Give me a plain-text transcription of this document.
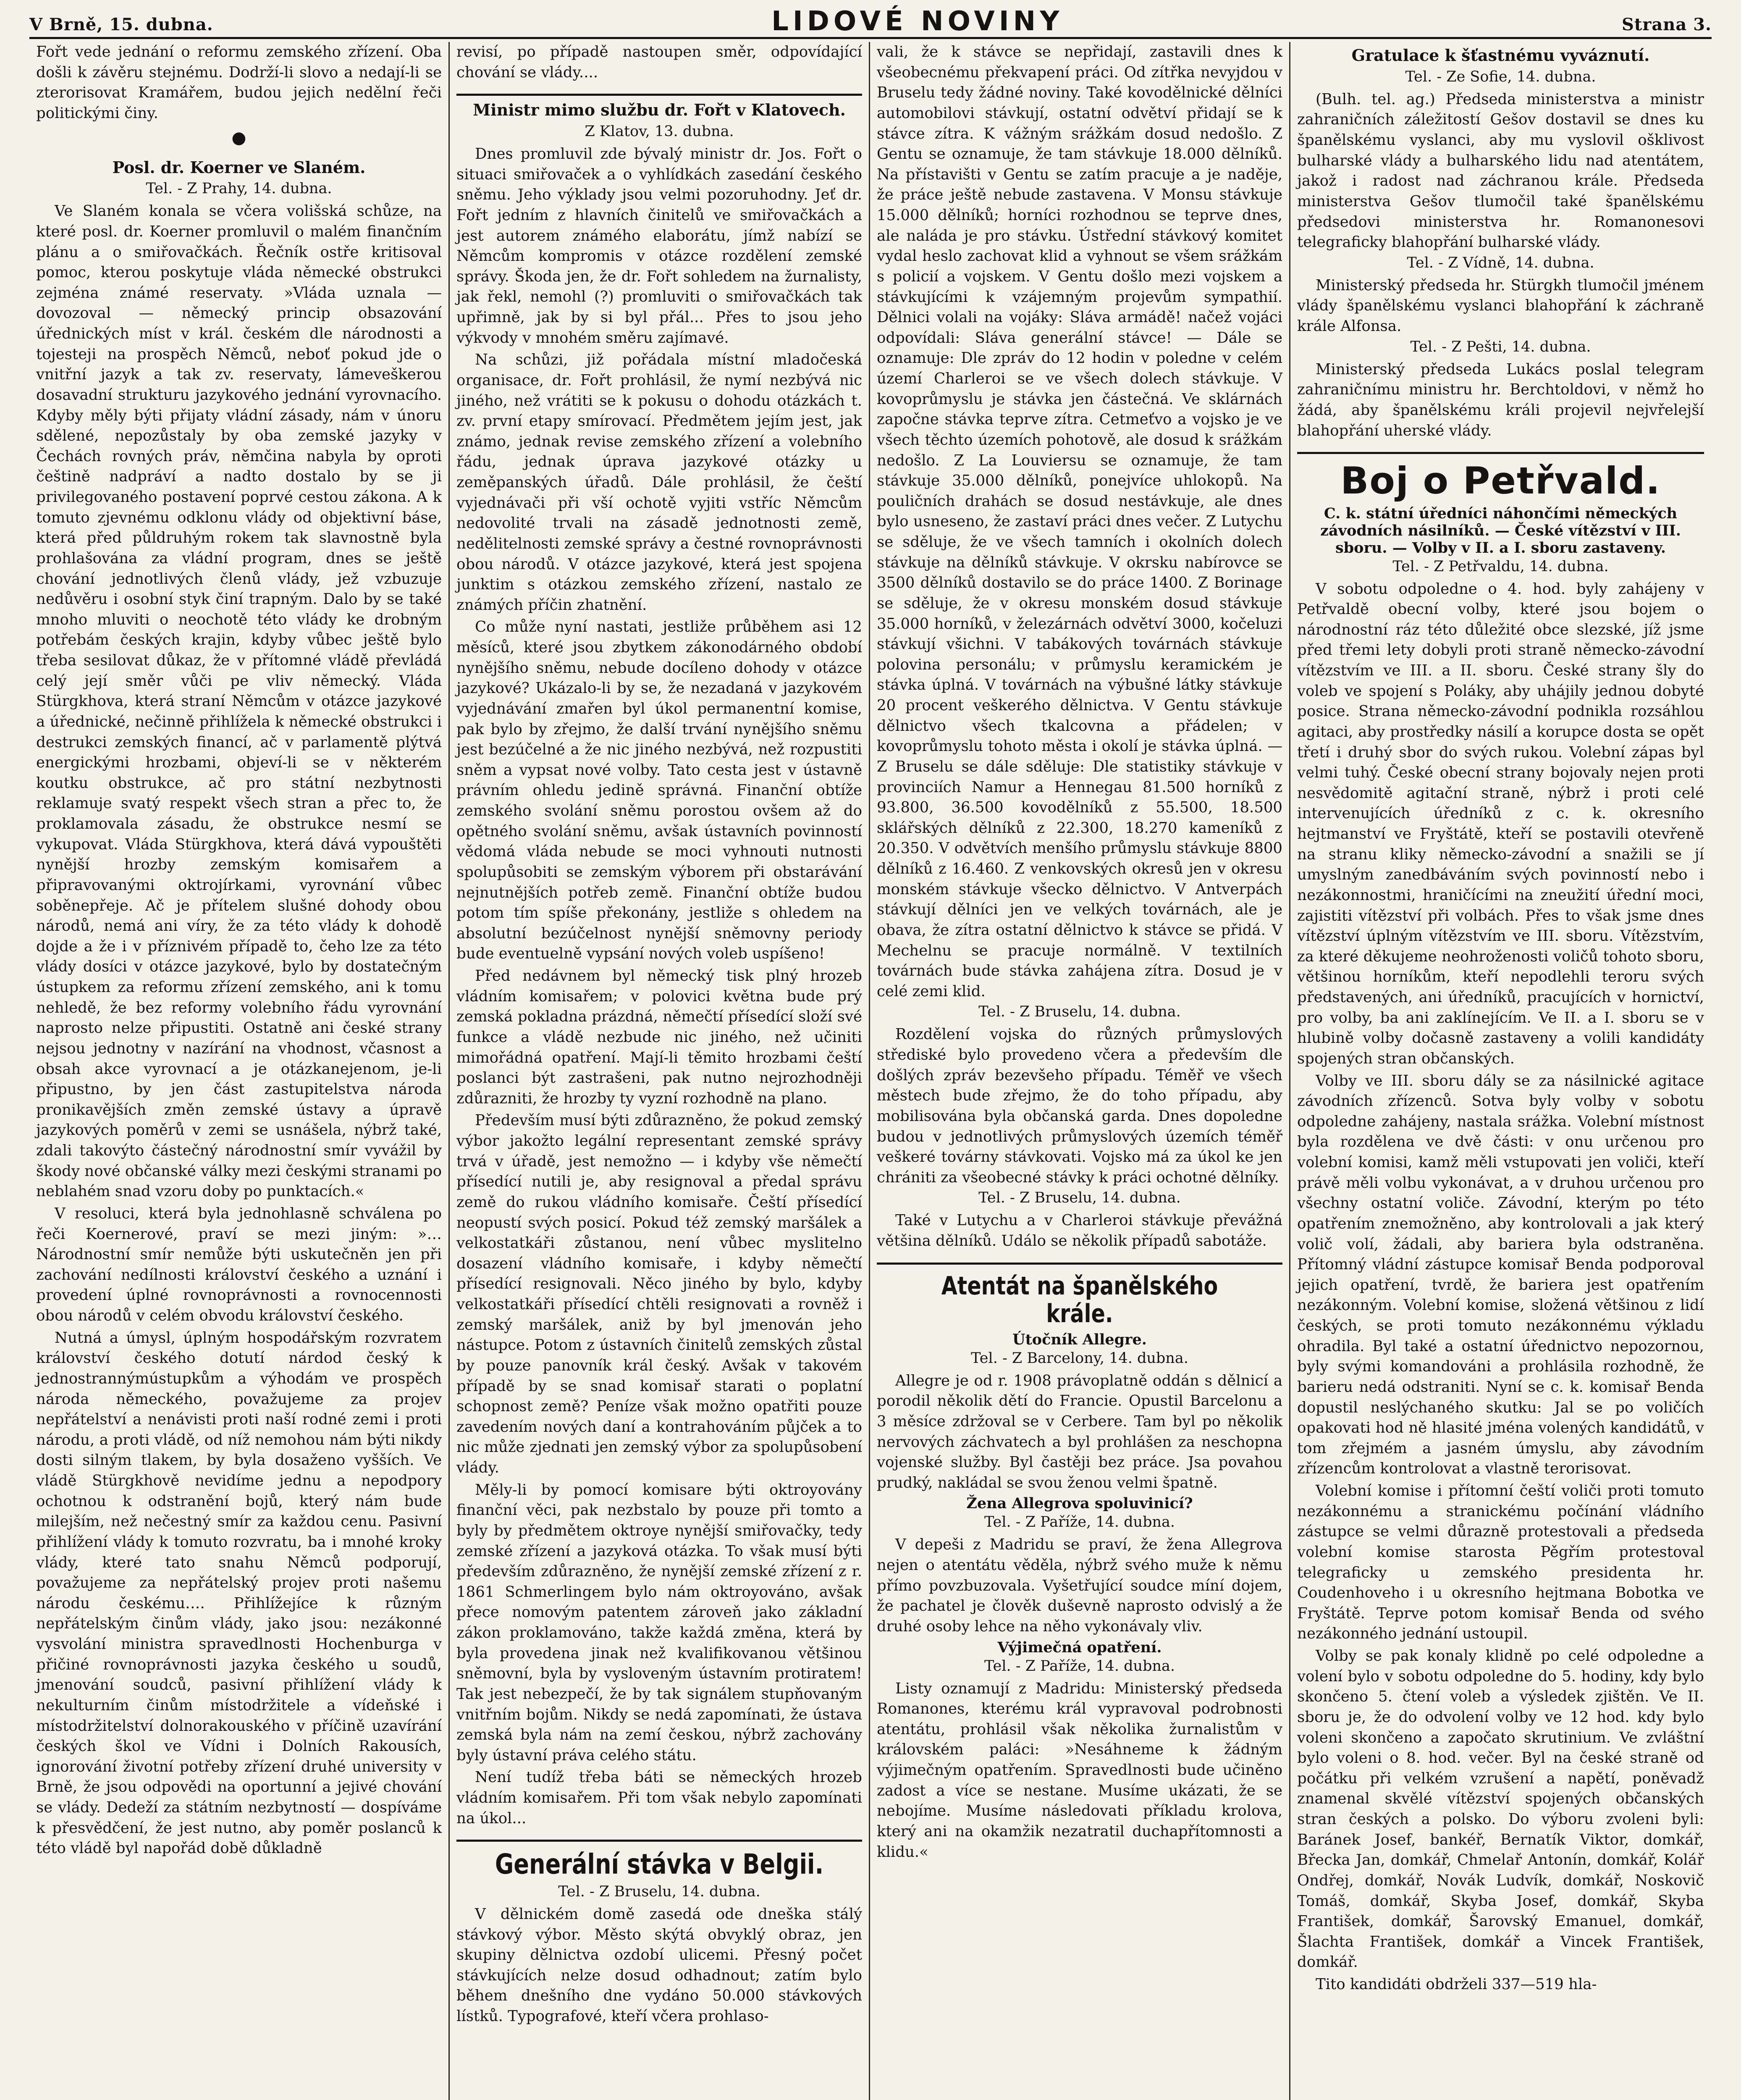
V Brně, 15. dubna.	LIDOVÉ NOVINY	Strana 3.

Fořt vede jednání o reformu zemského zřízení. Oba došli k závěru stejnému. Dodrží-li slovo a nedají-li se zterorisovat Kramářem, budou jejich nedělní řeči politickými činy.

●
Posl. dr. Koerner ve Slaném.
Tel. - Z Prahy, 14. dubna.

Ve Slaném konala se včera volišská schůze, na které posl. dr. Koerner promluvil o malém finančním plánu a o smiřovačkách. Řečník ostře kritisoval pomoc, kterou poskytuje vláda německé obstrukci zejména známé reservaty. »Vláda uznala — dovozoval — německý princip obsazování úřednických míst v král. českém dle národnosti a tojesteji na prospěch Němců, neboť pokud jde o vnitřní jazyk a tak zv. reservaty, lámeveškerou dosavadní strukturu jazykového jednání vyrovnacího. Kdyby měly býti přijaty vládní zásady, nám v únoru sdělené, nepozůstaly by oba zemské jazyky v Čechách rovných práv, němčina nabyla by oproti češtině nadpráví a nadto dostalo by se ji privilegovaného postavení poprvé cestou zákona. A k tomuto zjevnému odklonu vlády od objektivní báse, která před půldruhým rokem tak slavnostně byla prohlašována za vládní program, dnes se ještě chování jednotlivých členů vlády, jež vzbuzuje nedůvěru i osobní styk činí trapným. Dalo by se také mnoho mluviti o neochotě této vlády ke drobným potřebám českých krajin, kdyby vůbec ještě bylo třeba sesilovat důkaz, že v přítomné vládě převládá celý její směr vůči pe vliv německý. Vláda Stürgkhova, která straní Němcům v otázce jazykové a úřednické, nečinně přihlížela k německé obstrukci i destrukci zemských financí, ač v parlamentě plýtvá energickými hrozbami, objeví-li se v některém koutku obstrukce, ač pro státní nezbytnosti reklamuje svatý respekt všech stran a přec to, že proklamovala zásadu, že obstrukce nesmí se vykupovat. Vláda Stürgkhova, která dává vypouštěti nynější hrozby zemským komisařem a připravovanými oktrojírkami, vyrovnání vůbec soběnepřeje. Ač je přítelem slušné dohody obou národů, nemá ani víry, že za této vlády k dohodě dojde a že i v příznivém případě to, čeho lze za této vlády dosíci v otázce jazykové, bylo by dostatečným ústupkem za reformu zřízení zemského, ani k tomu nehledě, že bez reformy volebního řádu vyrovnání naprosto nelze připustiti. Ostatně ani české strany nejsou jednotny v nazírání na vhodnost, včasnost a obsah akce vyrovnací a je otázkanejenom, je-li připustno, by jen část zastupitelstva národa pronikavějších změn zemské ústavy a úpravě jazykových poměrů v zemi se usnášela, nýbrž také, zdali takovýto částečný národnostní smír vyvážil by škody nové občanské války mezi českými stranami po neblahém snad vzoru doby po punktacích.«

V resoluci, která byla jednohlasně schválena po řeči Koernerové, praví se mezi jiným: »… Národnostní smír nemůže býti uskutečněn jen při zachování nedílnosti království českého a uznání i provedení úplné rovnoprávnosti a rovnocennosti obou národů v celém obvodu království českého.

Nutná a úmysl, úplným hospodářským rozvratem království českého dotutí nárdod český k jednostrannýmústupkům a výhodám ve prospěch národa německého, považujeme za projev nepřátelství a nenávisti proti naší rodné zemi i proti národu, a proti vládě, od níž nemohou nám býti nikdy dosti silným tlakem, by byla dosaženo vyšších. Ve vládě Stürgkhově nevidíme jednu a nepodpory ochotnou k odstranění bojů, který nám bude milejším, než nečestný smír za každou cenu. Pasivní přihlížení vlády k tomuto rozvratu, ba i mnohé kroky vlády, které tato snahu Němců podporují, považujeme za nepřátelský projev proti našemu národu českému…. Přihlížejíce k různým nepřátelským činům vlády, jako jsou: nezákonné vysvolání ministra spravedlnosti Hochenburga v přičiné rovnoprávnosti jazyka českého u soudů, jmenování soudců, pasivní přihlížení vlády k nekulturním činům místodržitele a vídeňské i místodržitelství dolnorakouského v příčině uzavírání českých škol ve Vídni i Dolních Rakousích, ignorování životní potřeby zřízení druhé university v Brně, že jsou odpovědi na oportunní a jejivé chování se vlády. Dedeží za státním nezbytností — dospíváme k přesvědčení, že jest nutno, aby poměr poslanců k této vládě byl napořád době důkladně

revisí, po případě nastoupen směr, odpovídající chování se vlády....

Ministr mimo službu dr. Fořt v Klatovech.
Z Klatov, 13. dubna.

Dnes promluvil zde bývalý ministr dr. Jos. Fořt o situaci smiřovaček a o vyhlídkách zasedání českého sněmu. Jeho výklady jsou velmi pozoruhodny. Jeť dr. Fořt jedním z hlavních činitelů ve smiřovačkách a jest autorem známého elaborátu, jímž nabízí se Němcům kompromis v otázce rozdělení zemské správy. Škoda jen, že dr. Fořt sohledem na žurnalisty, jak řekl, nemohl (?) promluviti o smiřovačkách tak upřimně, jak by si byl přál... Přes to jsou jeho výkvody v mnohém směru zajímavé.

Na schůzi, již pořádala místní mladočeská organisace, dr. Fořt prohlásil, že nymí nezbývá nic jiného, než vrátiti se k pokusu o dohodu otázkách t. zv. první etapy smírovací. Předmětem jejím jest, jak známo, jednak revise zemského zřízení a volebního řádu, jednak úprava jazykové otázky u zeměpanských úřadů. Dále prohlásil, že čeští vyjednávači při vší ochotě vyjiti vstříc Němcům nedovolité trvali na zásadě jednotnosti země, nedělitelnosti zemské správy a čestné rovnoprávnosti obou národů. V otázce jazykové, která jest spojena junktim s otázkou zemského zřízení, nastalo ze známých příčin zhatnění.

Co může nyní nastati, jestliže průběhem asi 12 měsíců, které jsou zbytkem zákonodárného období nynějšího sněmu, nebude docíleno dohody v otázce jazykové? Ukázalo-li by se, že nezadaná v jazykovém vyjednávání zmařen byl úkol permanentní komise, pak bylo by zřejmo, že další trvání nynějšího sněmu jest bezúčelné a že nic jiného nezbývá, než rozpustiti sněm a vypsat nové volby. Tato cesta jest v ústavně právním ohledu jedině správná. Finanční obtíže zemského svolání sněmu porostou ovšem až do opětného svolání sněmu, avšak ústavních povinností vědomá vláda nebude se moci vyhnouti nutnosti spolupůsobiti se zemským výborem při obstarávání nejnutnějších potřeb země. Finanční obtíže budou potom tím spíše překonány, jestliže s ohledem na absolutní bezúčelnost nynější sněmovny periody bude eventuelně vypsání nových voleb uspíšeno!

Před nedávnem byl německý tisk plný hrozeb vládním komisařem; v polovici května bude prý zemská pokladna prázdná, němečtí přísedící složí své funkce a vládě nezbude nic jiného, než učiniti mimořádná opatření. Mají-li těmito hrozbami čeští poslanci být zastrašeni, pak nutno nejrozhodněji zdůrazniti, že hrozby ty vyzní rozhodně na plano.

Především musí býti zdůrazněno, že pokud zemský výbor jakožto legální representant zemské správy trvá v úřadě, jest nemožno — i kdyby vše němečtí přísedící nutili je, aby resignoval a předal správu země do rukou vládního komisaře. Čeští přísedící neopustí svých posicí. Pokud též zemský maršálek a velkostatkáři zůstanou, není vůbec myslitelno dosazení vládního komisaře, i kdyby němečtí přísedící resignovali. Něco jiného by bylo, kdyby velkostatkáři přísedící chtěli resignovati a rovněž i zemský maršálek, aniž by byl jmenován jeho nástupce. Potom z ústavních činitelů zemských zůstal by pouze panovník král český. Avšak v takovém případě by se snad komisař starati o poplatní schopnost země? Peníze však možno opatřiti pouze zavedením nových daní a kontrahováním půjček a to nic může zjednati jen zemský výbor za spolupůsobení vlády.

Měly-li by pomocí komisare býti oktroyovány finanční věci, pak nezbstalo by pouze při tomto a byly by předmětem oktroye nynější smiřovačky, tedy zemské zřízení a jazyková otázka. To však musí býti především zdůrazněno, že nynější zemské zřízení z r. 1861 Schmerlingem bylo nám oktroyováno, avšak přece nomovým patentem zároveň jako základní zákon proklamováno, takže každá změna, která by byla provedena jinak než kvalifikovanou většinou sněmovní, byla by vysloveným ústavním protiratem! Tak jest nebezpečí, že by tak signálem stupňovaným vnitřním bojům. Nikdy se nedá zapomínati, že ústava zemská byla nám na zemí českou, nýbrž zachovány byly ústavní práva celého státu.

Není tudíž třeba báti se německých hrozeb vládním komisařem. Při tom však nebylo zapomínati na úkol...

Generální stávka v Belgii.
Tel. - Z Bruselu, 14. dubna.

V dělnickém domě zasedá ode dneška stálý stávkový výbor. Město skýtá obvyklý obraz, jen skupiny dělnictva ozdobí ulicemi. Přesný počet stávkujících nelze dosud odhadnout; zatím bylo během dnešního dne vydáno 50.000 stávkových lístků. Typografové, kteří včera prohlaso-

vali, že k stávce se nepřidají, zastavili dnes k všeobecnému překvapení práci. Od zítřka nevyjdou v Bruselu tedy žádné noviny. Také kovodělnické dělníci automobilovi stávkují, ostatní odvětví přidají se k stávce zítra. K vážným srážkám dosud nedošlo. Z Gentu se oznamuje, že tam stávkuje 18.000 dělníků. Na přístavišti v Gentu se zatím pracuje a je naděje, že práce ještě nebude zastavena. V Monsu stávkuje 15.000 dělníků; horníci rozhodnou se teprve dnes, ale naláda je pro stávku. Ústřední stávkový komitet vydal heslo zachovat klid a vyhnout se všem srážkám s policií a vojskem. V Gentu došlo mezi vojskem a stávkujícími k vzájemným projevům sympathií. Dělnici volali na vojáky: Sláva armádě! načež vojáci odpovídali: Sláva generální stávce! — Dále se oznamuje: Dle zpráv do 12 hodin v poledne v celém území Charleroi se ve všech dolech stávkuje. V kovoprůmyslu je stávka jen částečná. Ve sklárnách započne stávka teprve zítra. Cetmeťvo a vojsko je ve všech těchto územích pohotově, ale dosud k srážkám nedošlo. Z La Louviersu se oznamuje, že tam stávkuje 35.000 dělníků, ponejvíce uhlokopů. Na pouličních drahách se dosud nestávkuje, ale dnes bylo usneseno, že zastaví práci dnes večer. Z Lutychu se sděluje, že ve všech tamních i okolních dolech stávkuje na dělníků stávkuje. V okrsku nabírovce se 3500 dělníků dostavilo se do práce 1400. Z Borinage se sděluje, že v okresu monském dosud stávkuje 35.000 horníků, v železárnách odvětví 3000, kočeluzi stávkují všichni. V tabákových továrnách stávkuje polovina personálu; v průmyslu keramickém je stávka úplná. V továrnách na výbušné látky stávkuje 20 procent veškerého dělnictva. V Gentu stávkuje dělnictvo všech tkalcovna a přádelen; v kovoprůmyslu tohoto města i okolí je stávka úplná. — Z Bruselu se dále sděluje: Dle statistiky stávkuje v provinciích Namur a Hennegau 81.500 horníků z 93.800, 36.500 kovodělníků z 55.500, 18.500 sklářských dělníků z 22.300, 18.270 kameníků z 20.350. V odvětvích menšího průmyslu stávkuje 8800 dělníků z 16.460. Z venkovských okresů jen v okresu monském stávkuje všecko dělnictvo. V Antverpách stávkují dělníci jen ve velkých továrnách, ale je obava, že zítra ostatní dělnictvo k stávce se přidá. V Mechelnu se pracuje normálně. V textilních továrnách bude stávka zahájena zítra. Dosud je v celé zemi klid.

Tel. - Z Bruselu, 14. dubna.

Rozdělení vojska do různých průmyslových střediské bylo provedeno včera a především dle došlých zpráv bezevšeho případu. Téměř ve všech městech bude zřejmo, že do toho případu, aby mobilisována byla občanská garda. Dnes dopoledne budou v jednotlivých průmyslových územích téměř veškeré továrny stávkovati. Vojsko má za úkol ke jen chrániti za všeobecné stávky k práci ochotné dělníky.

Tel. - Z Bruselu, 14. dubna.

Také v Lutychu a v Charleroi stávkuje převážná většina dělníků. Událo se několik případů sabotáže.

Atentát na španělského krále.
Útočník Allegre.
Tel. - Z Barcelony, 14. dubna.

Allegre je od r. 1908 právoplatně oddán s dělnicí a porodil několik dětí do Francie. Opustil Barcelonu a 3 měsíce zdržoval se v Cerbere. Tam byl po několik nervových záchvatech a byl prohlášen za neschopna vojenské služby. Byl častěji bez práce. Jsa povahou prudký, nakládal se svou ženou velmi špatně.

Žena Allegrova spoluvinicí?
Tel. - Z Paříže, 14. dubna.

V depeši z Madridu se praví, že žena Allegrova nejen o atentátu věděla, nýbrž svého muže k němu přímo povzbuzovala. Vyšetřující soudce míní dojem, že pachatel je člověk duševně naprosto odvislý a že druhé osoby lehce na něho vykonávaly vliv.

Výjimečná opatření.
Tel. - Z Paříže, 14. dubna.

Listy oznamují z Madridu: Ministerský předseda Romanones, kterému král vypravoval podrobnosti atentátu, prohlásil však několika žurnalistům v královském paláci: »Nesáhneme k žádným výjimečným opatřením. Spravedlnosti bude učiněno zadost a více se nestane. Musíme ukázati, že se nebojíme. Musíme následovati příkladu krolova, který ani na okamžik nezatratil duchapřítomnosti a klidu.«

Gratulace k šťastnému vyváznutí.
Tel. - Ze Sofie, 14. dubna.

(Bulh. tel. ag.) Předseda ministerstva a ministr zahraničních záležitostí Gešov dostavil se dnes ku španělskému vyslanci, aby mu vyslovil ošklivost bulharské vlády a bulharského lidu nad atentátem, jakož i radost nad záchranou krále. Předseda ministerstva Gešov tlumočil také španělskému předsedovi ministerstva hr. Romanonesovi telegraficky blahopřání bulharské vlády.

Tel. - Z Vídně, 14. dubna.

Ministerský předseda hr. Stürgkh tlumočil jménem vlády španělskému vyslanci blahopřání k záchraně krále Alfonsa.

Tel. - Z Pešti, 14. dubna.

Ministerský předseda Lukács poslal telegram zahraničnímu ministru hr. Berchtoldovi, v němž ho žádá, aby španělskému králi projevil nejvřelejší blahopřání uherské vlády.

Boj o Petřvald.
C. k. státní úředníci náhončími německých závodních násilníků. — České vítězství v III. sboru. — Volby v II. a I. sboru zastaveny.
Tel. - Z Petřvaldu, 14. dubna.

V sobotu odpoledne o 4. hod. byly zahájeny v Petřvaldě obecní volby, které jsou bojem o národnostní ráz této důležité obce slezské, jíž jsme před třemi lety dobyli proti straně německo-závodní vítězstvím ve III. a II. sboru. České strany šly do voleb ve spojení s Poláky, aby uhájily jednou dobyté posice. Strana německo-závodní podnikla rozsáhlou agitaci, aby prostředky násilí a korupce dosta se opět třetí i druhý sbor do svých rukou. Volební zápas byl velmi tuhý. České obecní strany bojovaly nejen proti nesvědomitě agitační straně, nýbrž i proti celé intervenujících úředníků z c. k. okresního hejtmanství ve Fryštátě, kteří se postavili otevřeně na stranu kliky německo-závodní a snažili se jí umyslným zanedbáváním svých povinností nebo i nezákonnostmi, hraničícími na zneužití úřední moci, zajistiti vítězství při volbách. Přes to však jsme dnes vítězství úplným vítězstvím ve III. sboru. Vítězstvím, za které děkujeme neohroženosti voličů tohoto sboru, většinou horníkům, kteří nepodlehli teroru svých představených, ani úředníků, pracujících v hornictví, pro volby, ba ani zaklínejícím. Ve II. a I. sboru se v hlubině volby dočasně zastaveny a volili kandidáty spojených stran občanských.

Volby ve III. sboru dály se za násilnické agitace závodních zřízenců. Sotva byly volby v sobotu odpoledne zahájeny, nastala srážka. Volební místnost byla rozdělena ve dvě části: v onu určenou pro volební komisi, kamž měli vstupovati jen voliči, kteří právě měli volbu vykonávat, a v druhou určenou pro všechny ostatní voliče. Závodní, kterým po této opatřením znemožněno, aby kontrolovali a jak který volič volí, žádali, aby bariera byla odstraněna. Přítomný vládní zástupce komisař Benda podporoval jejich opatření, tvrdě, že bariera jest opatřením nezákonným. Volební komise, složená většinou z lidí českých, se proti tomuto nezákonnému výkladu ohradila. Byl také a ostatní úřednictvo nepozornou, byly svými komandováni a prohlásila rozhodně, že barieru nedá odstraniti. Nyní se c. k. komisař Benda dopustil neslýchaného skutku: Jal se po voličích opakovati hod ně hlasité jména volených kandidátů, v tom zřejmém a jasném úmyslu, aby závodním zřízencům kontrolovat a vlastně terorisovat.

Volební komise i přítomní čeští voliči proti tomuto nezákonnému a stranickému počínání vládního zástupce se velmi důrazně protestovali a předseda volební komise starosta Pěgřím protestoval telegraficky u zemského presidenta hr. Coudenhoveho i u okresního hejtmana Bobotka ve Fryštátě. Teprve potom komisař Benda od svého nezákonného jednání ustoupil.

Volby se pak konaly klidně po celé odpoledne a volení bylo v sobotu odpoledne do 5. hodiny, kdy bylo skončeno 5. čtení voleb a výsledek zjištěn. Ve II. sboru je, že do odvolení volby ve 12 hod. kdy bylo voleni skončeno a započato skrutinium. Ve zvláštní bylo voleni o 8. hod. večer. Byl na české straně od počátku při velkém vzrušení a napětí, poněvadž znamenal skvělé vítězství spojených občanských stran českých a polsko. Do výboru zvoleni byli: Baránek Josef, bankéř, Bernatík Viktor, domkář, Břecka Jan, domkář, Chmelař Antonín, domkář, Kolář Ondřej, domkář, Novák Ludvík, domkář, Noskovič Tomáš, domkář, Skyba Josef, domkář, Skyba František, domkář, Šarovský Emanuel, domkář, Šlachta František, domkář a Vincek František, domkář.

Tito kandidáti obdrželi 337—519 hla-
